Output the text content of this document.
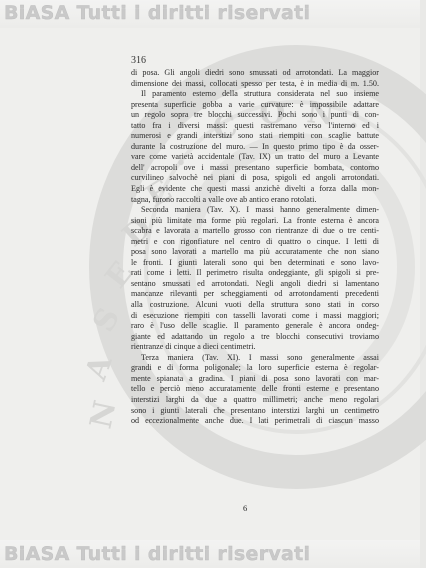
A
S
E
D
E
·
C O N ·
N
BiASA Tutti i diritti riservati
BiASA Tutti i diritti riservati
316
di posa. Gli angoli diedri sono smussati od arrotondati. La maggior
dimensione dei massi, collocati spesso per testa, è in media di m. 1.50.
Il paramento esterno della struttura considerata nel suo insieme
presenta superficie gobba a varie curvature: è impossibile adattare
un regolo sopra tre blocchi successivi. Pochi sono i punti di con-
tatto fra i diversi massi: questi rastremano verso l'interno ed i
numerosi e grandi interstizi sono stati riempiti con scaglie battute
durante la costruzione del muro. — In questo primo tipo è da osser-
vare come varietà accidentale (Tav. IX) un tratto del muro a Levante
dell' acropoli ove i massi presentano superficie bombata, contorno
curvilineo salvochè nei piani di posa, spigoli ed angoli arrotondati.
Egli è evidente che questi massi anzichè divelti a forza dalla mon-
tagna, furono raccolti a valle ove ab antico erano rotolati.
Seconda maniera (Tav. X). I massi hanno generalmente dimen-
sioni più limitate ma forme più regolari. La fronte esterna è ancora
scabra e lavorata a martello grosso con rientranze di due o tre centi-
metri e con rigonfiature nel centro di quattro o cinque. I letti di
posa sono lavorati a martello ma più accuratamente che non siano
le fronti. I giunti laterali sono qui ben determinati e sono lavo-
rati come i letti. Il perimetro risulta ondeggiante, gli spigoli si pre-
sentano smussati ed arrotondati. Negli angoli diedri si lamentano
mancanze rilevanti per scheggiamenti od arrotondamenti precedenti
alla costruzione. Alcuni vuoti della struttura sono stati in corso
di esecuzione riempiti con tasselli lavorati come i massi maggiori;
raro è l'uso delle scaglie. Il paramento generale è ancora ondeg-
giante ed adattando un regolo a tre blocchi consecutivi troviamo
rientranze di cinque a dieci centimetri.
Terza maniera (Tav. XI). I massi sono generalmente assai
grandi e di forma poligonale; la loro superficie esterna è regolar-
mente spianata a gradina. I piani di posa sono lavorati con mar-
tello e perciò meno accuratamente delle fronti esterne e presentano
interstizi larghi da due a quattro millimetri; anche meno regolari
sono i giunti laterali che presentano interstizi larghi un centimetro
od eccezionalmente anche due. I lati perimetrali di ciascun masso
6
